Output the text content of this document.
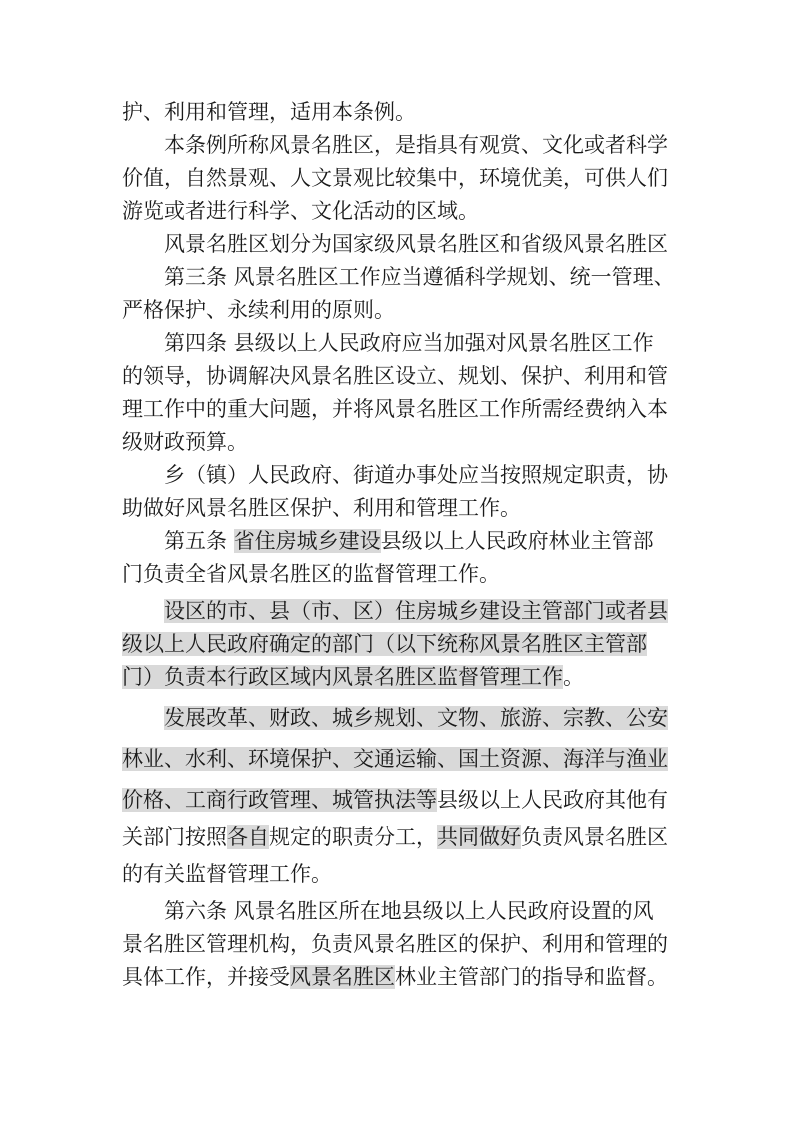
护、利用和管理，适用本条例。
本条例所称风景名胜区，是指具有观赏、文化或者科学
价值，自然景观、人文景观比较集中，环境优美，可供人们
游览或者进行科学、文化活动的区域。
风景名胜区划分为国家级风景名胜区和省级风景名胜区
第三条 风景名胜区工作应当遵循科学规划、统一管理、
严格保护、永续利用的原则。
第四条 县级以上人民政府应当加强对风景名胜区工作
的领导，协调解决风景名胜区设立、规划、保护、利用和管
理工作中的重大问题，并将风景名胜区工作所需经费纳入本
级财政预算。
乡（镇）人民政府、街道办事处应当按照规定职责，协
助做好风景名胜区保护、利用和管理工作。
第五条 省住房城乡建设县级以上人民政府林业主管部
门负责全省风景名胜区的监督管理工作。
设区的市、县（市、区）住房城乡建设主管部门或者县
级以上人民政府确定的部门（以下统称风景名胜区主管部
门）负责本行政区域内风景名胜区监督管理工作。
发展改革、财政、城乡规划、文物、旅游、宗教、公安
林业、水利、环境保护、交通运输、国土资源、海洋与渔业
价格、工商行政管理、城管执法等县级以上人民政府其他有
关部门按照各自规定的职责分工，共同做好负责风景名胜区
的有关监督管理工作。
第六条 风景名胜区所在地县级以上人民政府设置的风
景名胜区管理机构，负责风景名胜区的保护、利用和管理的
具体工作，并接受风景名胜区林业主管部门的指导和监督。
